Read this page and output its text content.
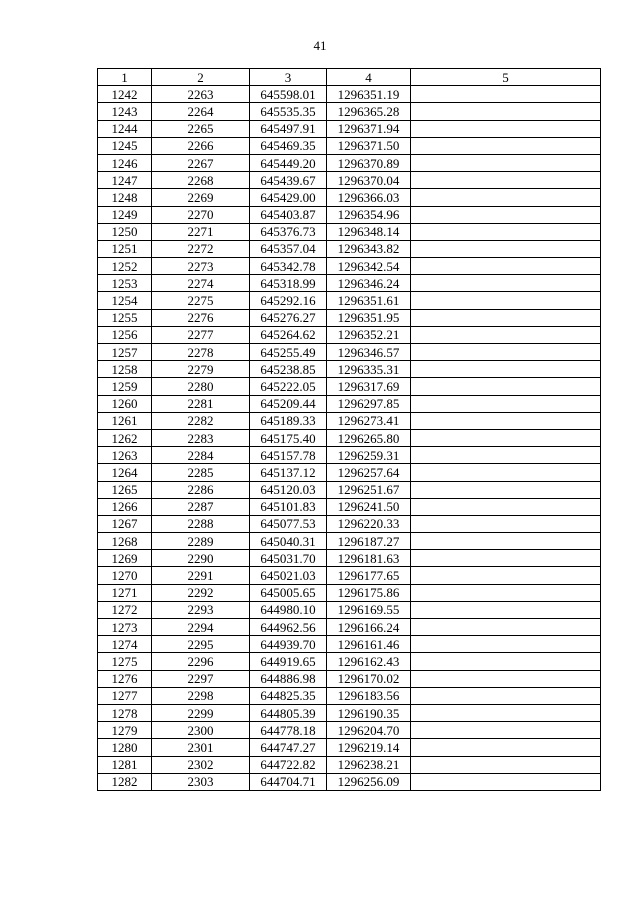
41
1	2	3	4	5
1242	2263	645598.01	1296351.19	
1243	2264	645535.35	1296365.28	
1244	2265	645497.91	1296371.94	
1245	2266	645469.35	1296371.50	
1246	2267	645449.20	1296370.89	
1247	2268	645439.67	1296370.04	
1248	2269	645429.00	1296366.03	
1249	2270	645403.87	1296354.96	
1250	2271	645376.73	1296348.14	
1251	2272	645357.04	1296343.82	
1252	2273	645342.78	1296342.54	
1253	2274	645318.99	1296346.24	
1254	2275	645292.16	1296351.61	
1255	2276	645276.27	1296351.95	
1256	2277	645264.62	1296352.21	
1257	2278	645255.49	1296346.57	
1258	2279	645238.85	1296335.31	
1259	2280	645222.05	1296317.69	
1260	2281	645209.44	1296297.85	
1261	2282	645189.33	1296273.41	
1262	2283	645175.40	1296265.80	
1263	2284	645157.78	1296259.31	
1264	2285	645137.12	1296257.64	
1265	2286	645120.03	1296251.67	
1266	2287	645101.83	1296241.50	
1267	2288	645077.53	1296220.33	
1268	2289	645040.31	1296187.27	
1269	2290	645031.70	1296181.63	
1270	2291	645021.03	1296177.65	
1271	2292	645005.65	1296175.86	
1272	2293	644980.10	1296169.55	
1273	2294	644962.56	1296166.24	
1274	2295	644939.70	1296161.46	
1275	2296	644919.65	1296162.43	
1276	2297	644886.98	1296170.02	
1277	2298	644825.35	1296183.56	
1278	2299	644805.39	1296190.35	
1279	2300	644778.18	1296204.70	
1280	2301	644747.27	1296219.14	
1281	2302	644722.82	1296238.21	
1282	2303	644704.71	1296256.09	
